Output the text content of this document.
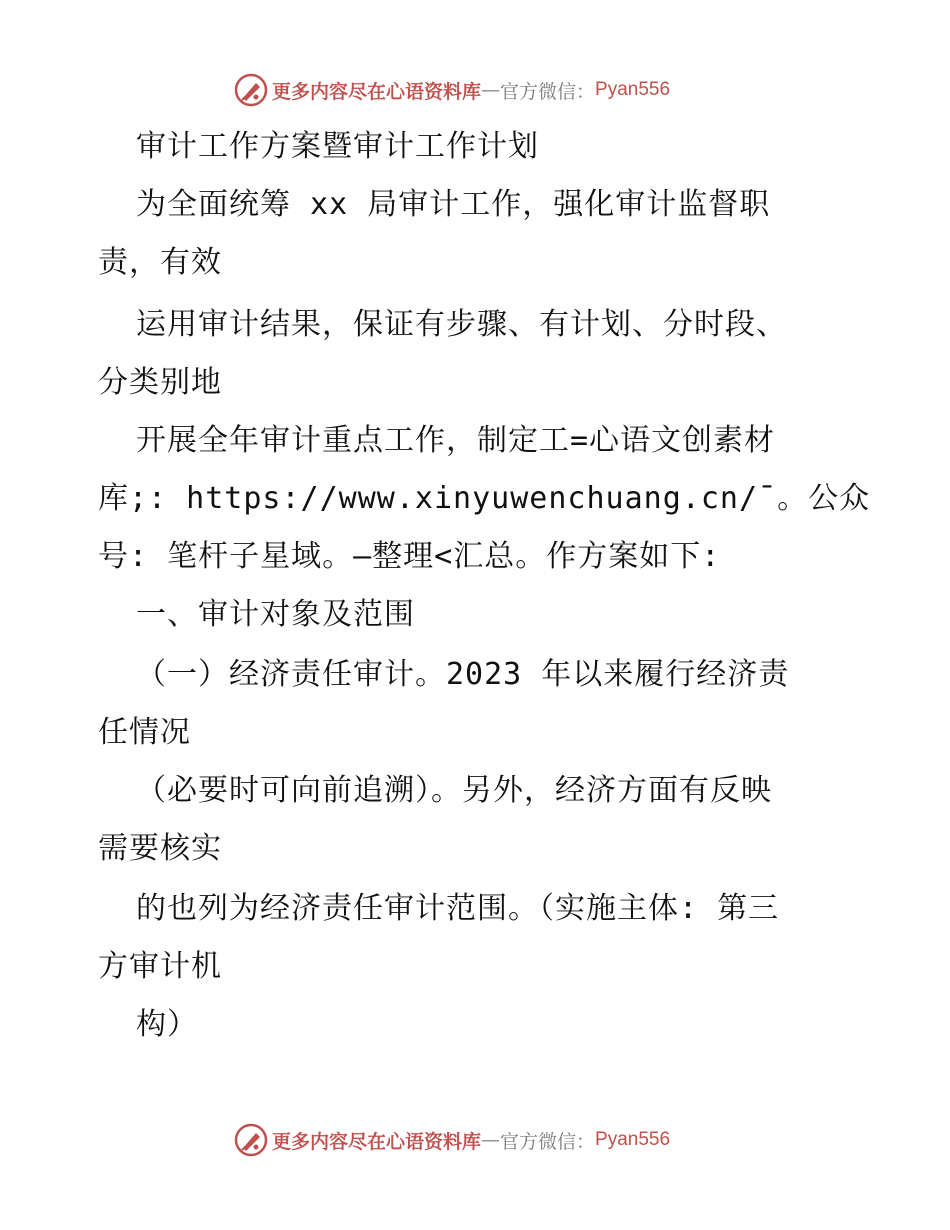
更多内容尽在心语资料库 — 官方微信： Pyan556
审计工作方案暨审计工作计划
为全面统筹 xx 局审计工作，强化审计监督职
责，有效
运用审计结果，保证有步骤、有计划、分时段、
分类别地
开展全年审计重点工作，制定工=心语文创素材
库;: https://www.xinyuwenchuang.cn/¯。公众
号: 笔杆子星域。—整理<汇总。作方案如下:
一、审计对象及范围
（一）经济责任审计。2023 年以来履行经济责
任情况
（必要时可向前追溯）。另外，经济方面有反映
需要核实
的也列为经济责任审计范围。（实施主体: 第三
方审计机
构）
更多内容尽在心语资料库 — 官方微信： Pyan556
